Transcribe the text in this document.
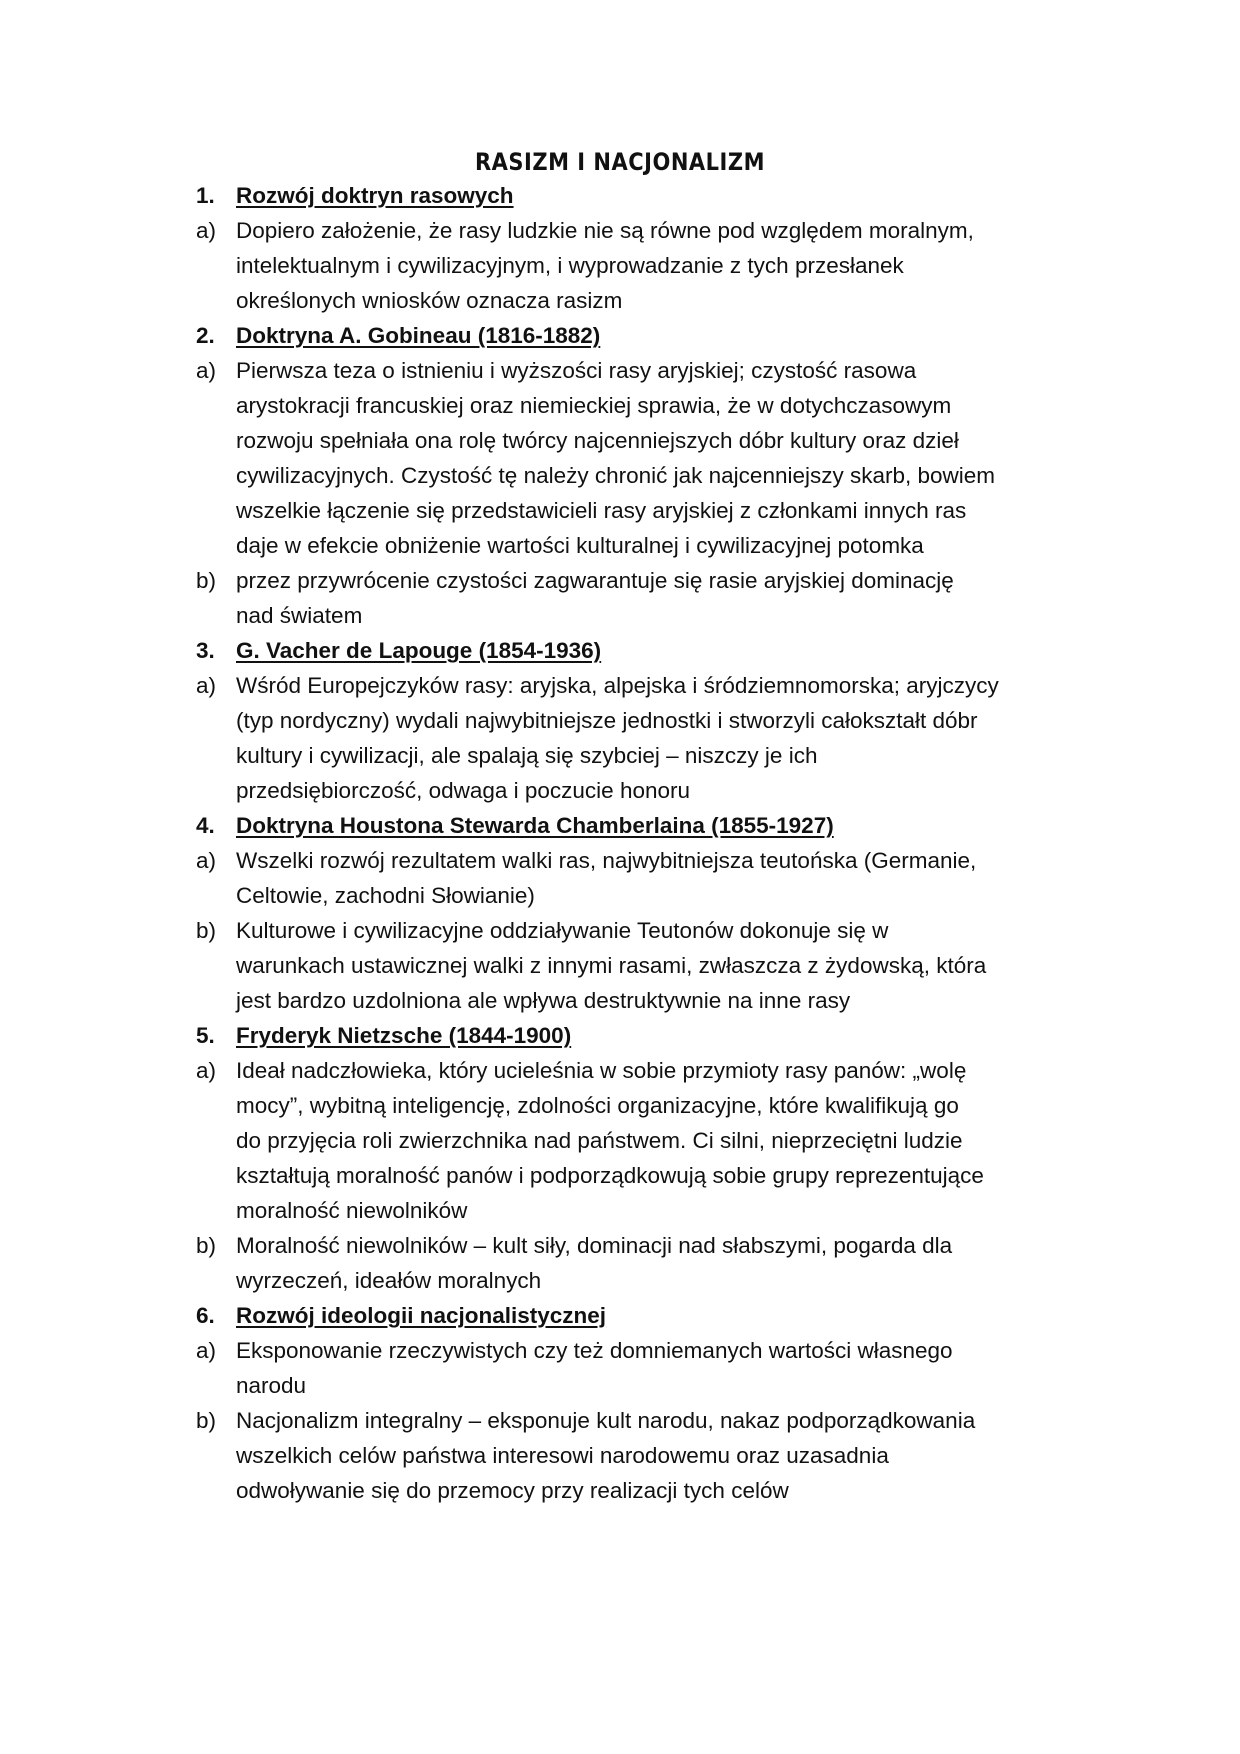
RASIZM I NACJONALIZM
1. Rozwój doktryn rasowych
a) Dopiero założenie, że rasy ludzkie nie są równe pod względem moralnym,
intelektualnym i cywilizacyjnym, i wyprowadzanie z tych przesłanek
określonych wniosków oznacza rasizm
2. Doktryna A. Gobineau (1816-1882)
a) Pierwsza teza o istnieniu i wyższości rasy aryjskiej; czystość rasowa
arystokracji francuskiej oraz niemieckiej sprawia, że w dotychczasowym
rozwoju spełniała ona rolę twórcy najcenniejszych dóbr kultury oraz dzieł
cywilizacyjnych. Czystość tę należy chronić jak najcenniejszy skarb, bowiem
wszelkie łączenie się przedstawicieli rasy aryjskiej z członkami innych ras
daje w efekcie obniżenie wartości kulturalnej i cywilizacyjnej potomka
b) przez przywrócenie czystości zagwarantuje się rasie aryjskiej dominację
nad światem
3. G. Vacher de Lapouge (1854-1936)
a) Wśród Europejczyków rasy: aryjska, alpejska i śródziemnomorska; aryjczycy
(typ nordyczny) wydali najwybitniejsze jednostki i stworzyli całokształt dóbr
kultury i cywilizacji, ale spalają się szybciej – niszczy je ich
przedsiębiorczość, odwaga i poczucie honoru
4. Doktryna Houstona Stewarda Chamberlaina (1855-1927)
a) Wszelki rozwój rezultatem walki ras, najwybitniejsza teutońska (Germanie,
Celtowie, zachodni Słowianie)
b) Kulturowe i cywilizacyjne oddziaływanie Teutonów dokonuje się w
warunkach ustawicznej walki z innymi rasami, zwłaszcza z żydowską, która
jest bardzo uzdolniona ale wpływa destruktywnie na inne rasy
5. Fryderyk Nietzsche (1844-1900)
a) Ideał nadczłowieka, który ucieleśnia w sobie przymioty rasy panów: „wolę
mocy”, wybitną inteligencję, zdolności organizacyjne, które kwalifikują go
do przyjęcia roli zwierzchnika nad państwem. Ci silni, nieprzeciętni ludzie
kształtują moralność panów i podporządkowują sobie grupy reprezentujące
moralność niewolników
b) Moralność niewolników – kult siły, dominacji nad słabszymi, pogarda dla
wyrzeczeń, ideałów moralnych
6. Rozwój ideologii nacjonalistycznej
a) Eksponowanie rzeczywistych czy też domniemanych wartości własnego
narodu
b) Nacjonalizm integralny – eksponuje kult narodu, nakaz podporządkowania
wszelkich celów państwa interesowi narodowemu oraz uzasadnia
odwoływanie się do przemocy przy realizacji tych celów
